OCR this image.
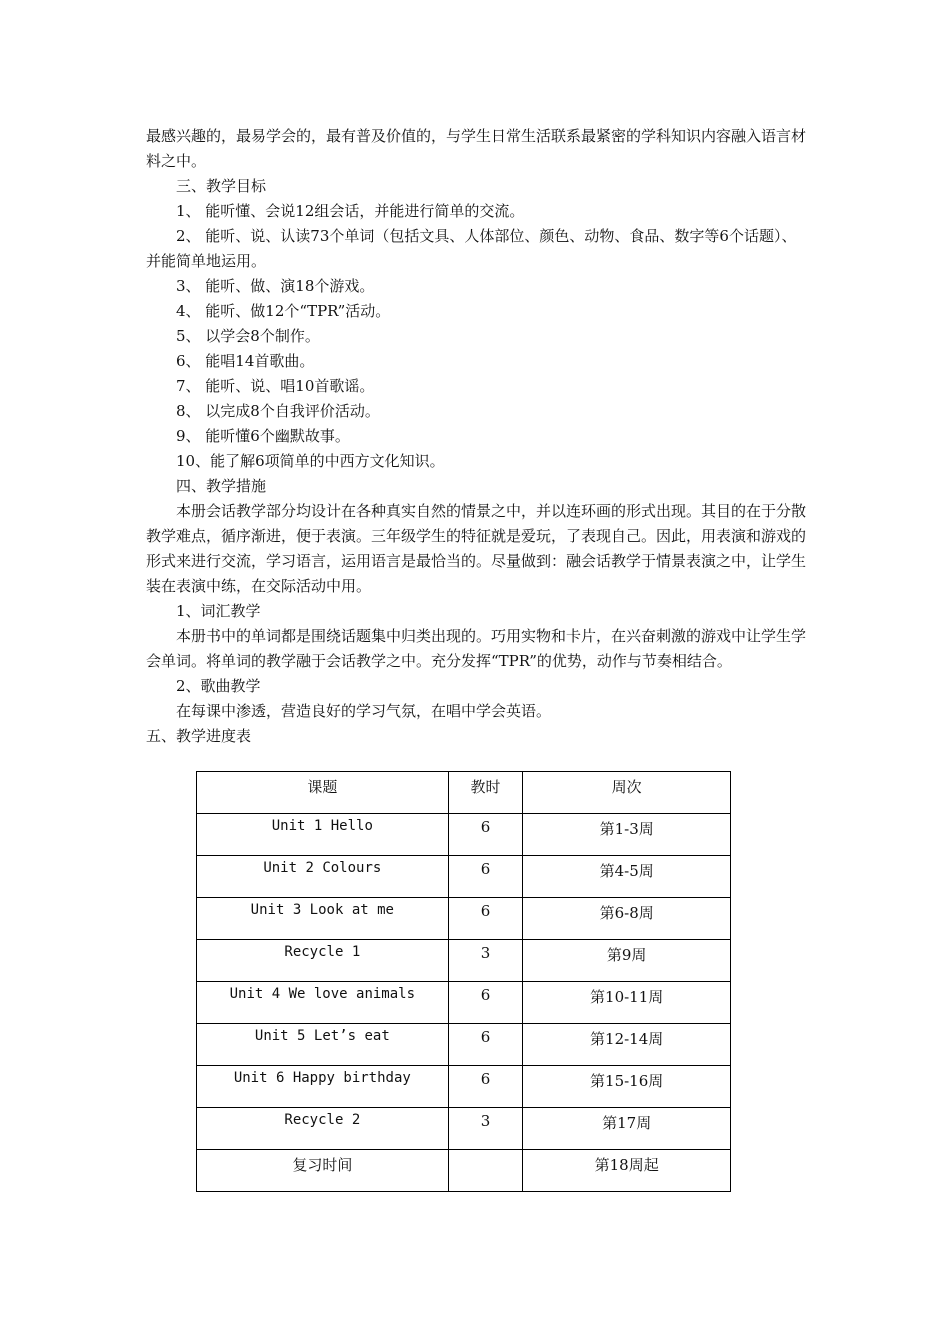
最感兴趣的，最易学会的，最有普及价值的，与学生日常生活联系最紧密的学科知识内容融入语言材料之中。

三、教学目标

1、 能听懂、会说12组会话，并能进行简单的交流。

2、 能听、说、认读73个单词（包括文具、人体部位、颜色、动物、食品、数字等6个话题）、并能简单地运用。

3、 能听、做、演18个游戏。

4、 能听、做12个“TPR”活动。

5、 以学会8个制作。

6、 能唱14首歌曲。

7、 能听、说、唱10首歌谣。

8、 以完成8个自我评价活动。

9、 能听懂6个幽默故事。

10、能了解6项简单的中西方文化知识。

四、教学措施

本册会话教学部分均设计在各种真实自然的情景之中，并以连环画的形式出现。其目的在于分散教学难点，循序渐进，便于表演。三年级学生的特征就是爱玩，了表现自己。因此，用表演和游戏的形式来进行交流，学习语言，运用语言是最恰当的。尽量做到：融会话教学于情景表演之中，让学生装在表演中练，在交际活动中用。

1、词汇教学

本册书中的单词都是围绕话题集中归类出现的。巧用实物和卡片，在兴奋刺激的游戏中让学生学会单词。将单词的教学融于会话教学之中。充分发挥“TPR”的优势，动作与节奏相结合。

2、歌曲教学

在每课中渗透，营造良好的学习气氛，在唱中学会英语。

五、教学进度表

课题	教时	周次
Unit 1 Hello	6	第1-3周
Unit 2 Colours	6	第4-5周
Unit 3 Look at me	6	第6-8周
Recycle 1	3	第9周
Unit 4 We love animals	6	第10-11周
Unit 5 Let’s eat	6	第12-14周
Unit 6 Happy birthday	6	第15-16周
Recycle 2	3	第17周
复习时间		第18周起
